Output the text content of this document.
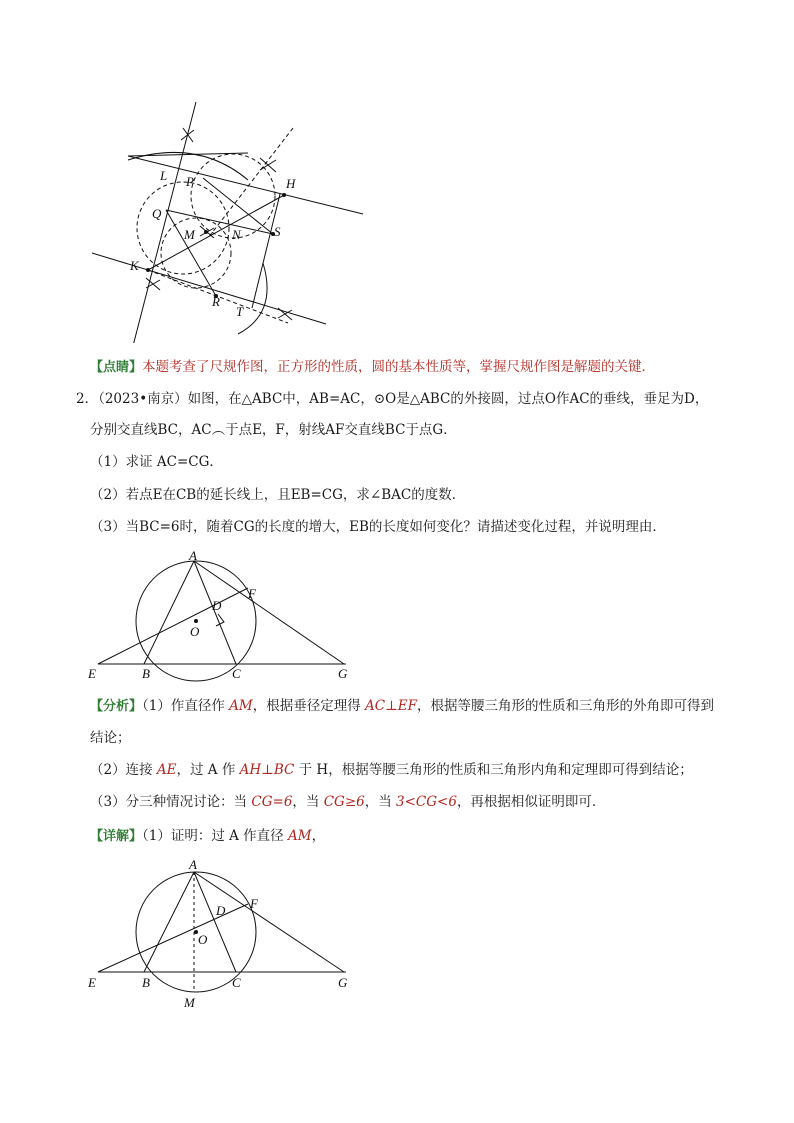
L P	H
Q
M	N	S
K
R
T
【点睛】本题考查了尺规作图，正方形的性质，圆的基本性质等，掌握尺规作图是解题的关键．
2．（2023•南京）如图，在△ABC中，AB=AC，⊙O是△ABC的外接圆，过点O作AC的垂线，垂足为D，
分别交直线BC，AC︵于点E，F，射线AF交直线BC于点G．
（1）求证 AC=CG．
（2）若点E在CB的延长线上，且EB=CG，求∠BAC的度数．
（3）当BC=6时，随着CG的长度的增大，EB的长度如何变化？请描述变化过程，并说明理由．
A
D
F
O
E	B	C	G
【分析】（1）作直径作 AM，根据垂径定理得 AC⊥EF，根据等腰三角形的性质和三角形的外角即可得到
结论；
（2）连接 AE，过 A 作 AH⊥BC 于 H，根据等腰三角形的性质和三角形内角和定理即可得到结论；
（3）分三种情况讨论：当 CG=6，当 CG≥6，当 3<CG<6，再根据相似证明即可．
【详解】（1）证明：过 A 作直径 AM，
A
D F
O
E	B
M
C	G
